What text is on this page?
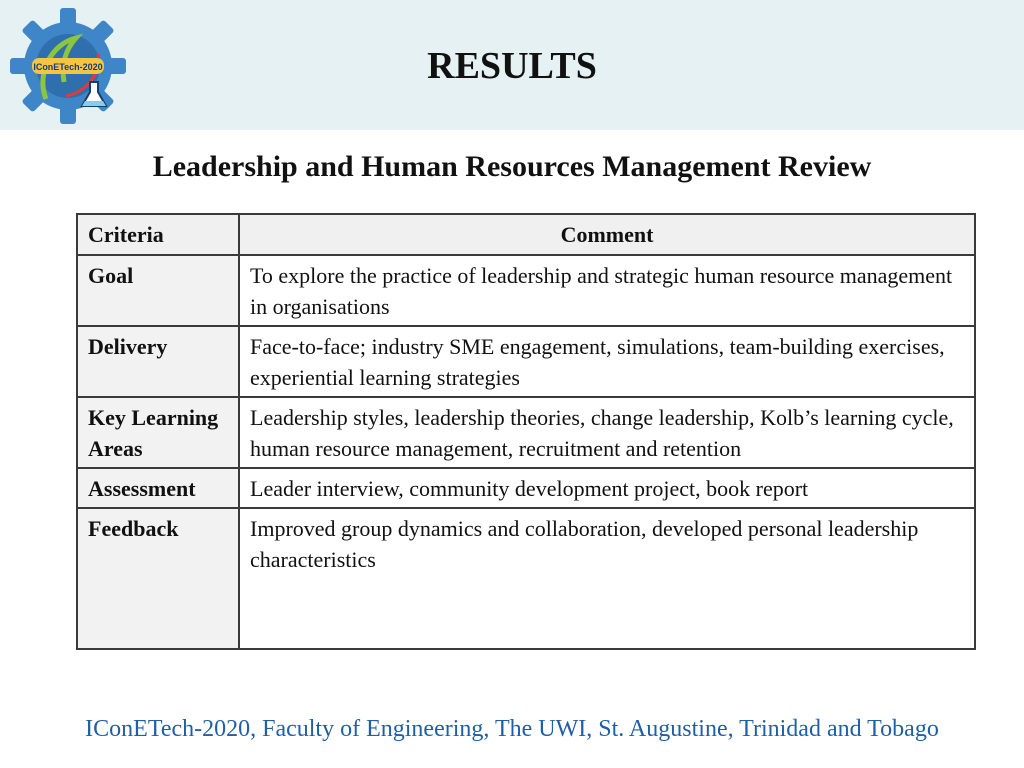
IConETech-2020	RESULTS
Leadership and Human Resources Management Review
Criteria	Comment
Goal	To explore the practice of leadership and strategic human resource management in organisations
Delivery	Face-to-face; industry SME engagement, simulations, team-building exercises, experiential learning strategies
Key Learning Areas	Leadership styles, leadership theories, change leadership, Kolb’s learning cycle, human resource management, recruitment and retention
Assessment	Leader interview, community development project, book report
Feedback	Improved group dynamics and collaboration, developed personal leadership characteristics
IConETech-2020, Faculty of Engineering, The UWI, St. Augustine, Trinidad and Tobago
